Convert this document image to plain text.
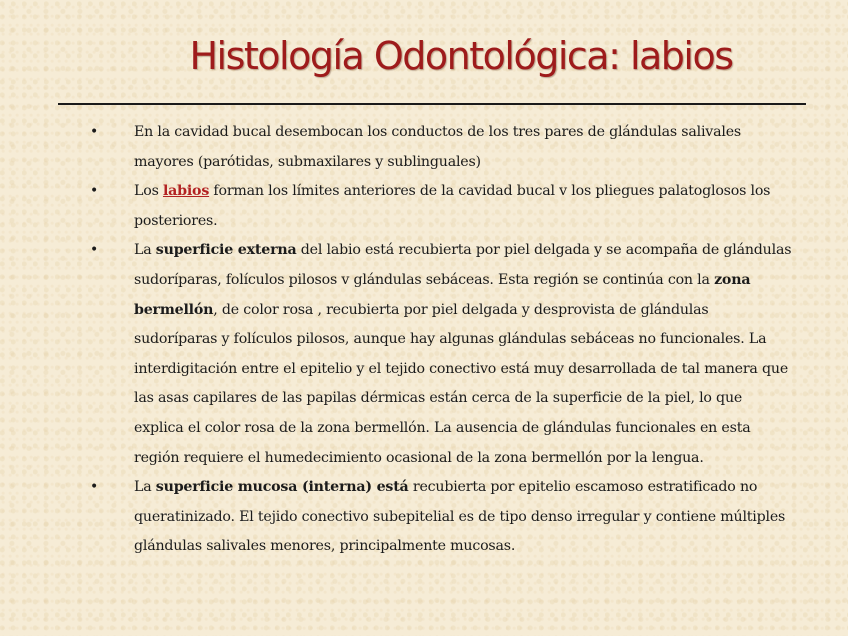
Histología Odontológica: labios
•	En la cavidad bucal desembocan los conductos de los tres pares de glándulas salivales mayores (parótidas, submaxilares y sublinguales)
•	Los labios forman los límites anteriores de la cavidad bucal v los pliegues palatoglosos los posteriores.
•	La superficie externa del labio está recubierta por piel delgada y se acompaña de glándulas sudoríparas, folículos pilosos v glándulas sebáceas. Esta región se continúa con la zona bermellón, de color rosa , recubierta por piel delgada y desprovista de glándulas sudoríparas y folículos pilosos, aunque hay algunas glándulas sebáceas no funcionales. La interdigitación entre el epitelio y el tejido conectivo está muy desarrollada de tal manera que las asas capilares de las papilas dérmicas están cerca de la superficie de la piel, lo que explica el color rosa de la zona bermellón. La ausencia de glándulas funcionales en esta región requiere el humedecimiento ocasional de la zona bermellón por la lengua.
•	La superficie mucosa (interna) está recubierta por epitelio escamoso estratificado no queratinizado. El tejido conectivo subepitelial es de tipo denso irregular y contiene múltiples glándulas salivales menores, principalmente mucosas.
